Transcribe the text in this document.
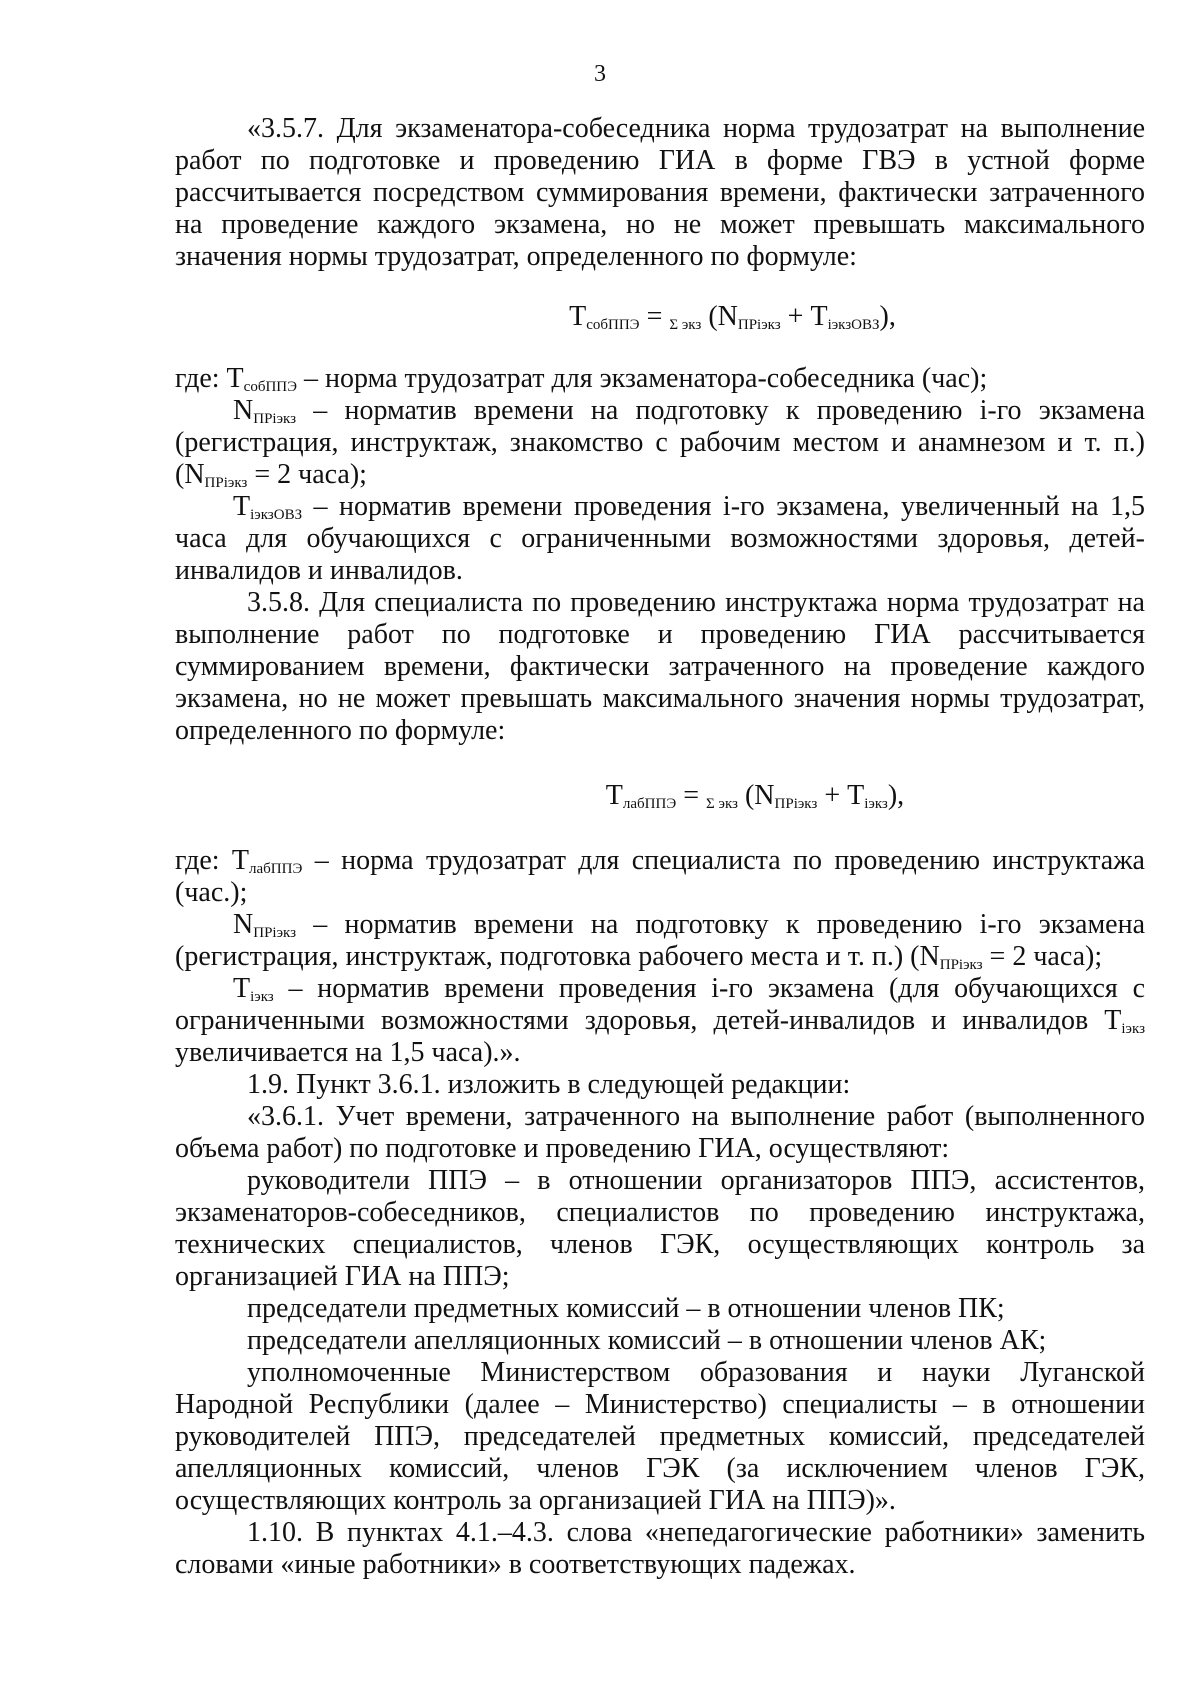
3

«3.5.7. Для экзаменатора-собеседника норма трудозатрат на выполнение работ по подготовке и проведению ГИА в форме ГВЭ в устной форме рассчитывается посредством суммирования времени, фактически затраченного на проведение каждого экзамена, но не может превышать максимального значения нормы трудозатрат, определенного по формуле:

$T_{собППЭ} = _{\Sigma экз}$ $(N_{ПРiэкз} + T_{iэкзОВЗ})$,

где: $T_{собППЭ}$ – норма трудозатрат для экзаменатора-собеседника (час);

$N_{ПРiэкз}$ – норматив времени на подготовку к проведению i-го экзамена (регистрация, инструктаж, знакомство с рабочим местом и анамнезом и т. п.) ($N_{ПРiэкз} = 2$ часа);

$T_{iэкзОВЗ}$ – норматив времени проведения i-го экзамена, увеличенный на 1,5 часа для обучающихся с ограниченными возможностями здоровья, детей-инвалидов и инвалидов.

3.5.8. Для специалиста по проведению инструктажа норма трудозатрат на выполнение работ по подготовке и проведению ГИА рассчитывается суммированием времени, фактически затраченного на проведение каждого экзамена, но не может превышать максимального значения нормы трудозатрат, определенного по формуле:

$T_{лабППЭ} = _{\Sigma экз}$ $(N_{ПРiэкз} + T_{iэкз})$,

где: $T_{лабППЭ}$ – норма трудозатрат для специалиста по проведению инструктажа (час.);

$N_{ПРiэкз}$ – норматив времени на подготовку к проведению i-го экзамена (регистрация, инструктаж, подготовка рабочего места и т. п.) ($N_{ПРiэкз} = 2$ часа);

$T_{iэкз}$ – норматив времени проведения i-го экзамена (для обучающихся с ограниченными возможностями здоровья, детей-инвалидов и инвалидов $T_{iэкз}$ увеличивается на 1,5 часа).».

1.9. Пункт 3.6.1. изложить в следующей редакции:

«3.6.1. Учет времени, затраченного на выполнение работ (выполненного объема работ) по подготовке и проведению ГИА, осуществляют:

руководители ППЭ – в отношении организаторов ППЭ, ассистентов, экзаменаторов-собеседников, специалистов по проведению инструктажа, технических специалистов, членов ГЭК, осуществляющих контроль за организацией ГИА на ППЭ;

председатели предметных комиссий – в отношении членов ПК;

председатели апелляционных комиссий – в отношении членов АК;

уполномоченные Министерством образования и науки Луганской Народной Республики (далее – Министерство) специалисты – в отношении руководителей ППЭ, председателей предметных комиссий, председателей апелляционных комиссий, членов ГЭК (за исключением членов ГЭК, осуществляющих контроль за организацией ГИА на ППЭ)».

1.10. В пунктах 4.1.–4.3. слова «непедагогические работники» заменить словами «иные работники» в соответствующих падежах.
